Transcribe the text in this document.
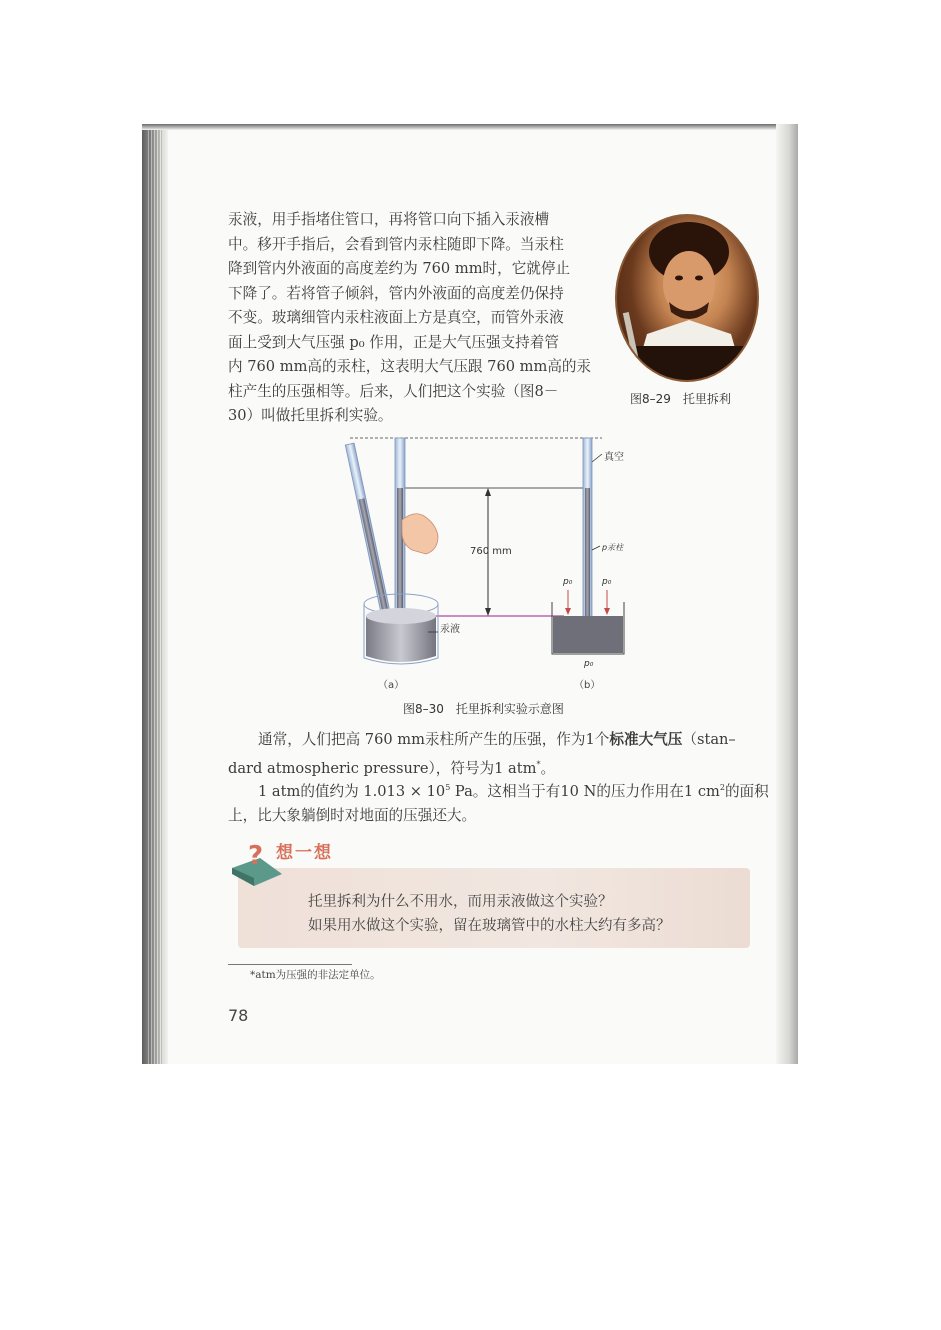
汞液，用手指堵住管口，再将管口向下插入汞液槽
中。移开手指后，会看到管内汞柱随即下降。当汞柱
降到管内外液面的高度差约为 760 mm时，它就停止
下降了。若将管子倾斜，管内外液面的高度差仍保持
不变。玻璃细管内汞柱液面上方是真空，而管外汞液
面上受到大气压强 p₀ 作用，正是大气压强支持着管
内 760 mm高的汞柱，这表明大气压跟 760 mm高的汞
柱产生的压强相等。后来，人们把这个实验（图8－
30）叫做托里拆利实验。
图8–29　托里拆利
760 mm
汞液
真空
p汞柱
p₀	p₀
p₀
（a）	（b）
图8–30　托里拆利实验示意图
通常，人们把高 760 mm汞柱所产生的压强，作为1个标准大气压（stan–
dard atmospheric pressure），符号为1 atm*。
1 atm的值约为 $1.013 \times 10^5$ Pa。这相当于有10 N的压力作用在1 $cm^2$的面积
上，比大象躺倒时对地面的压强还大。
? 想一想
托里拆利为什么不用水，而用汞液做这个实验？
如果用水做这个实验，留在玻璃管中的水柱大约有多高？
*atm为压强的非法定单位。
78
